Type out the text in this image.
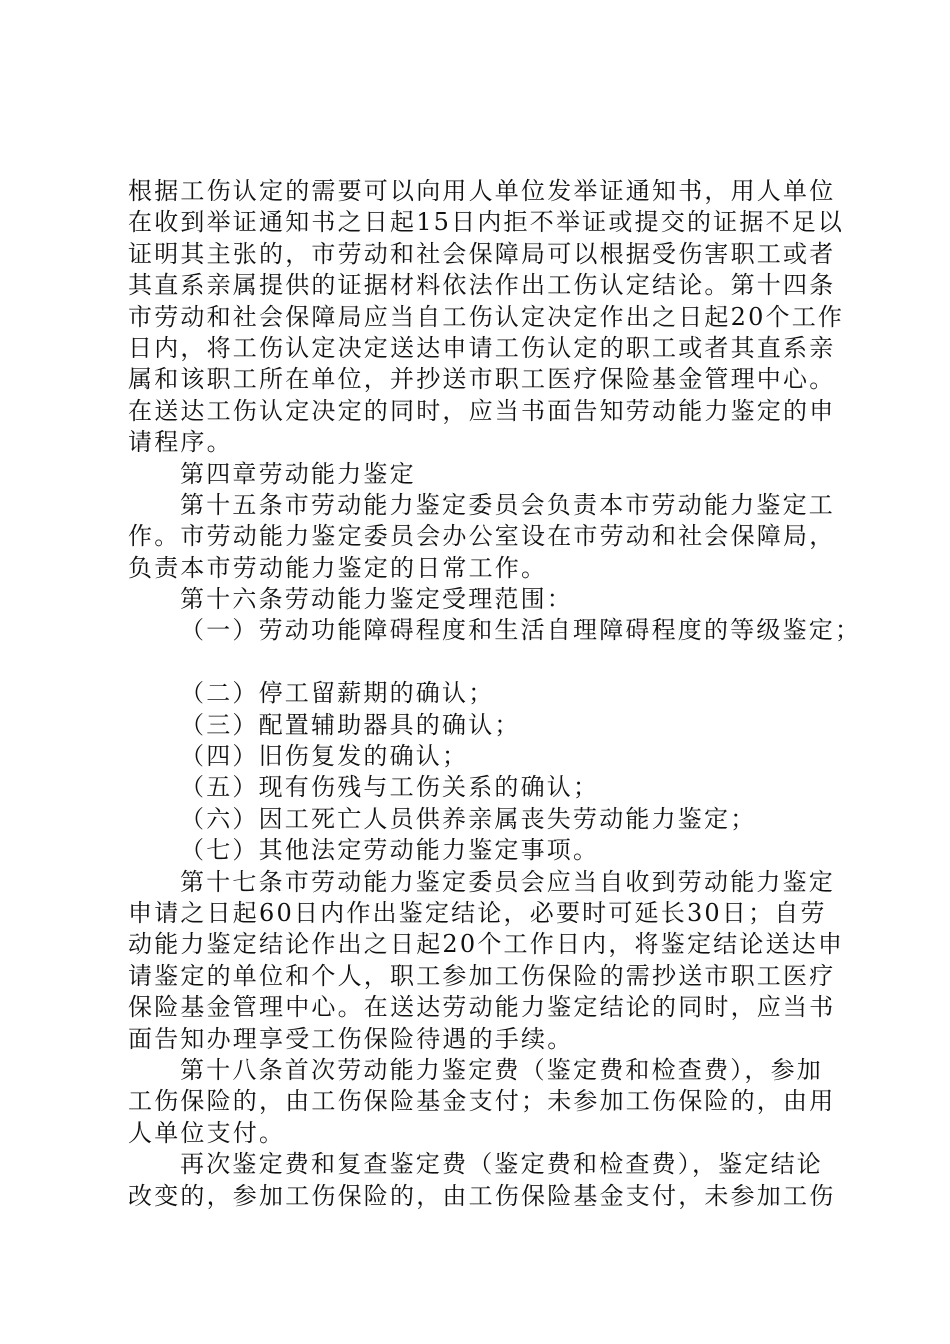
根据工伤认定的需要可以向用人单位发举证通知书，用人单位
在收到举证通知书之日起15日内拒不举证或提交的证据不足以
证明其主张的，市劳动和社会保障局可以根据受伤害职工或者
其直系亲属提供的证据材料依法作出工伤认定结论。第十四条
市劳动和社会保障局应当自工伤认定决定作出之日起20个工作
日内，将工伤认定决定送达申请工伤认定的职工或者其直系亲
属和该职工所在单位，并抄送市职工医疗保险基金管理中心。
在送达工伤认定决定的同时，应当书面告知劳动能力鉴定的申
请程序。
第四章劳动能力鉴定
第十五条市劳动能力鉴定委员会负责本市劳动能力鉴定工
作。市劳动能力鉴定委员会办公室设在市劳动和社会保障局，
负责本市劳动能力鉴定的日常工作。
第十六条劳动能力鉴定受理范围：
（一）劳动功能障碍程度和生活自理障碍程度的等级鉴定；
（二）停工留薪期的确认；
（三）配置辅助器具的确认；
（四）旧伤复发的确认；
（五）现有伤残与工伤关系的确认；
（六）因工死亡人员供养亲属丧失劳动能力鉴定；
（七）其他法定劳动能力鉴定事项。
第十七条市劳动能力鉴定委员会应当自收到劳动能力鉴定
申请之日起60日内作出鉴定结论，必要时可延长30日；自劳
动能力鉴定结论作出之日起20个工作日内，将鉴定结论送达申
请鉴定的单位和个人，职工参加工伤保险的需抄送市职工医疗
保险基金管理中心。在送达劳动能力鉴定结论的同时，应当书
面告知办理享受工伤保险待遇的手续。
第十八条首次劳动能力鉴定费（鉴定费和检查费），参加
工伤保险的，由工伤保险基金支付；未参加工伤保险的，由用
人单位支付。
再次鉴定费和复查鉴定费（鉴定费和检查费），鉴定结论
改变的，参加工伤保险的，由工伤保险基金支付，未参加工伤
